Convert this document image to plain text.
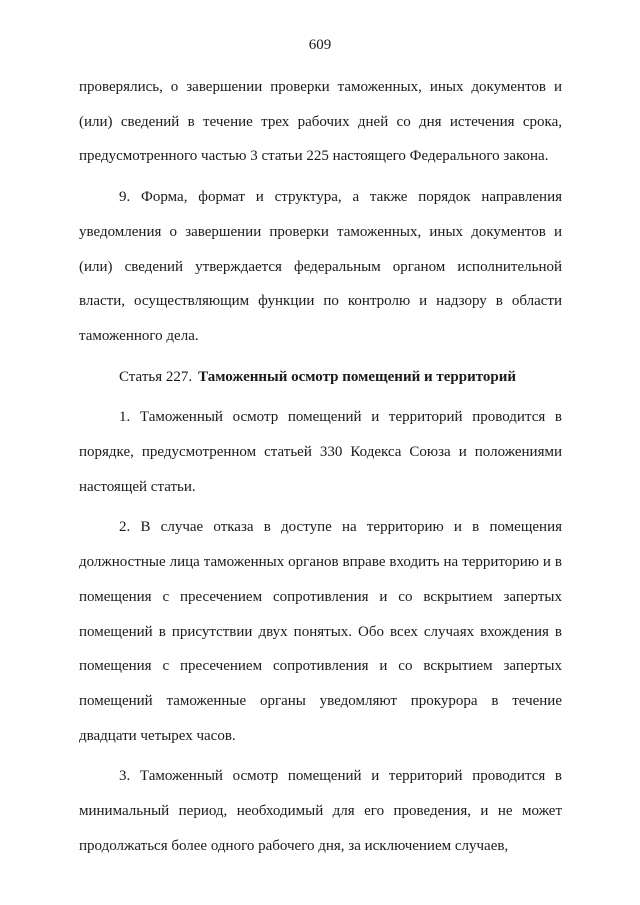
609

проверялись, о завершении проверки таможенных, иных документов и (или) сведений в течение трех рабочих дней со дня истечения срока, предусмотренного частью 3 статьи 225 настоящего Федерального закона.

9. Форма, формат и структура, а также порядок направления уведомления о завершении проверки таможенных, иных документов и (или) сведений утверждается федеральным органом исполнительной власти, осуществляющим функции по контролю и надзору в области таможенного дела.

Статья 227. Таможенный осмотр помещений и территорий

1. Таможенный осмотр помещений и территорий проводится в порядке, предусмотренном статьей 330 Кодекса Союза и положениями настоящей статьи.

2. В случае отказа в доступе на территорию и в помещения должностные лица таможенных органов вправе входить на территорию и в помещения с пресечением сопротивления и со вскрытием запертых помещений в присутствии двух понятых. Обо всех случаях вхождения в помещения с пресечением сопротивления и со вскрытием запертых помещений таможенные органы уведомляют прокурора в течение двадцати четырех часов.

3. Таможенный осмотр помещений и территорий проводится в минимальный период, необходимый для его проведения, и не может продолжаться более одного рабочего дня, за исключением случаев,
